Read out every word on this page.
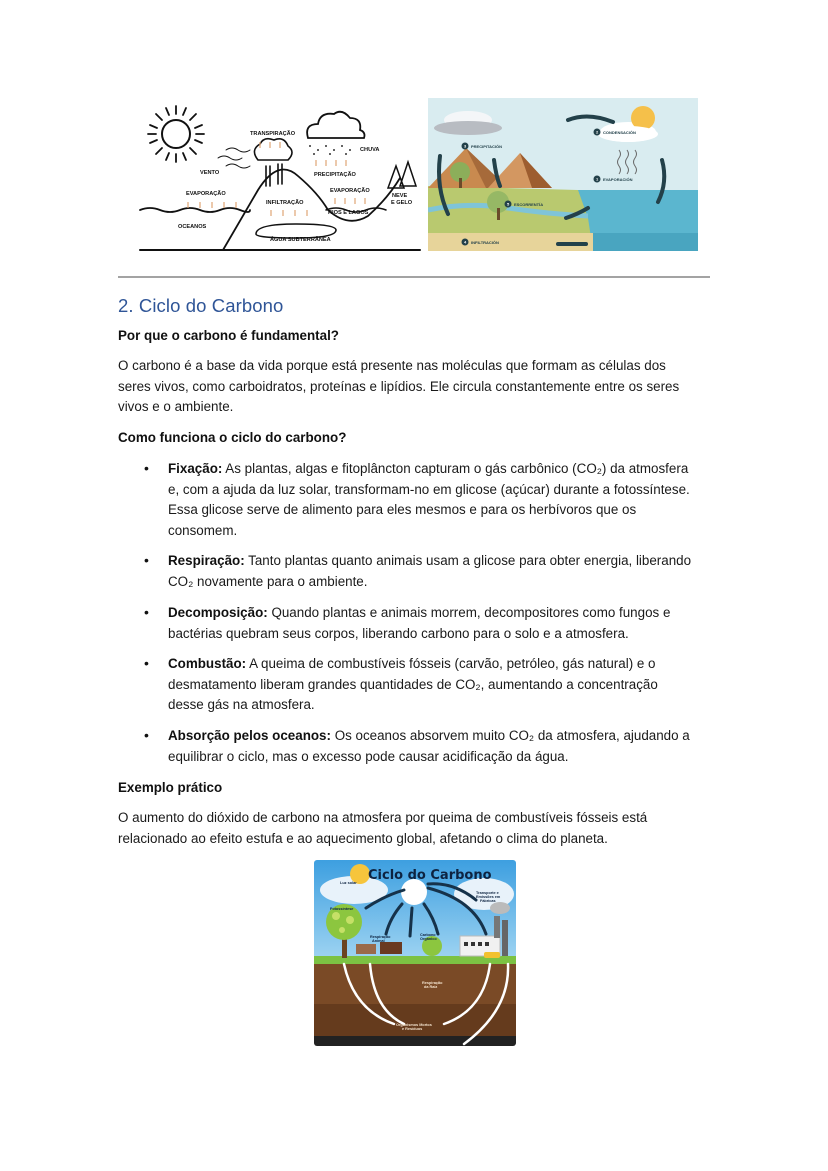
TRANSPIRAÇÃO
CHUVA
VENTO	PRECIPITAÇÃO
EVAPORAÇÃO	EVAPORAÇÃO
INFILTRAÇÃO
RIOS E LAGOS
NEVE
E GELO
OCEANOS
ÁGUA SUBTERRÂNEA
3
2
1
5
4
PRECIPITACIÓN
CONDENSACIÓN
EVAPORACIÓN
ESCORRENTÍA
INFILTRACIÓN
2. Ciclo do Carbono
Por que o carbono é fundamental?
O carbono é a base da vida porque está presente nas moléculas que formam as células dos
seres vivos, como carboidratos, proteínas e lipídios. Ele circula constantemente entre os seres
vivos e o ambiente.
Como funciona o ciclo do carbono?
• Fixação: As plantas, algas e fitoplâncton capturam o gás carbônico (CO₂) da atmosfera
e, com a ajuda da luz solar, transformam-no em glicose (açúcar) durante a fotossíntese.
Essa glicose serve de alimento para eles mesmos e para os herbívoros que os
consomem.
• Respiração: Tanto plantas quanto animais usam a glicose para obter energia, liberando
CO₂ novamente para o ambiente.
• Decomposição: Quando plantas e animais morrem, decompositores como fungos e
bactérias quebram seus corpos, liberando carbono para o solo e a atmosfera.
• Combustão: A queima de combustíveis fósseis (carvão, petróleo, gás natural) e o
desmatamento liberam grandes quantidades de CO₂, aumentando a concentração
desse gás na atmosfera.
• Absorção pelos oceanos: Os oceanos absorvem muito CO₂ da atmosfera, ajudando a
equilibrar o ciclo, mas o excesso pode causar acidificação da água.
Exemplo prático
O aumento do dióxido de carbono na atmosfera por queima de combustíveis fósseis está
relacionado ao efeito estufa e ao aquecimento global, afetando o clima do planeta.
Ciclo do Carbono
Luz solar
Fotossíntese
Respiração
Animal
Carbono
Orgânico
Transporte e
Emissões em
Fábricas
Respiração
da Raiz
Organismos Mortos
e Resíduos
